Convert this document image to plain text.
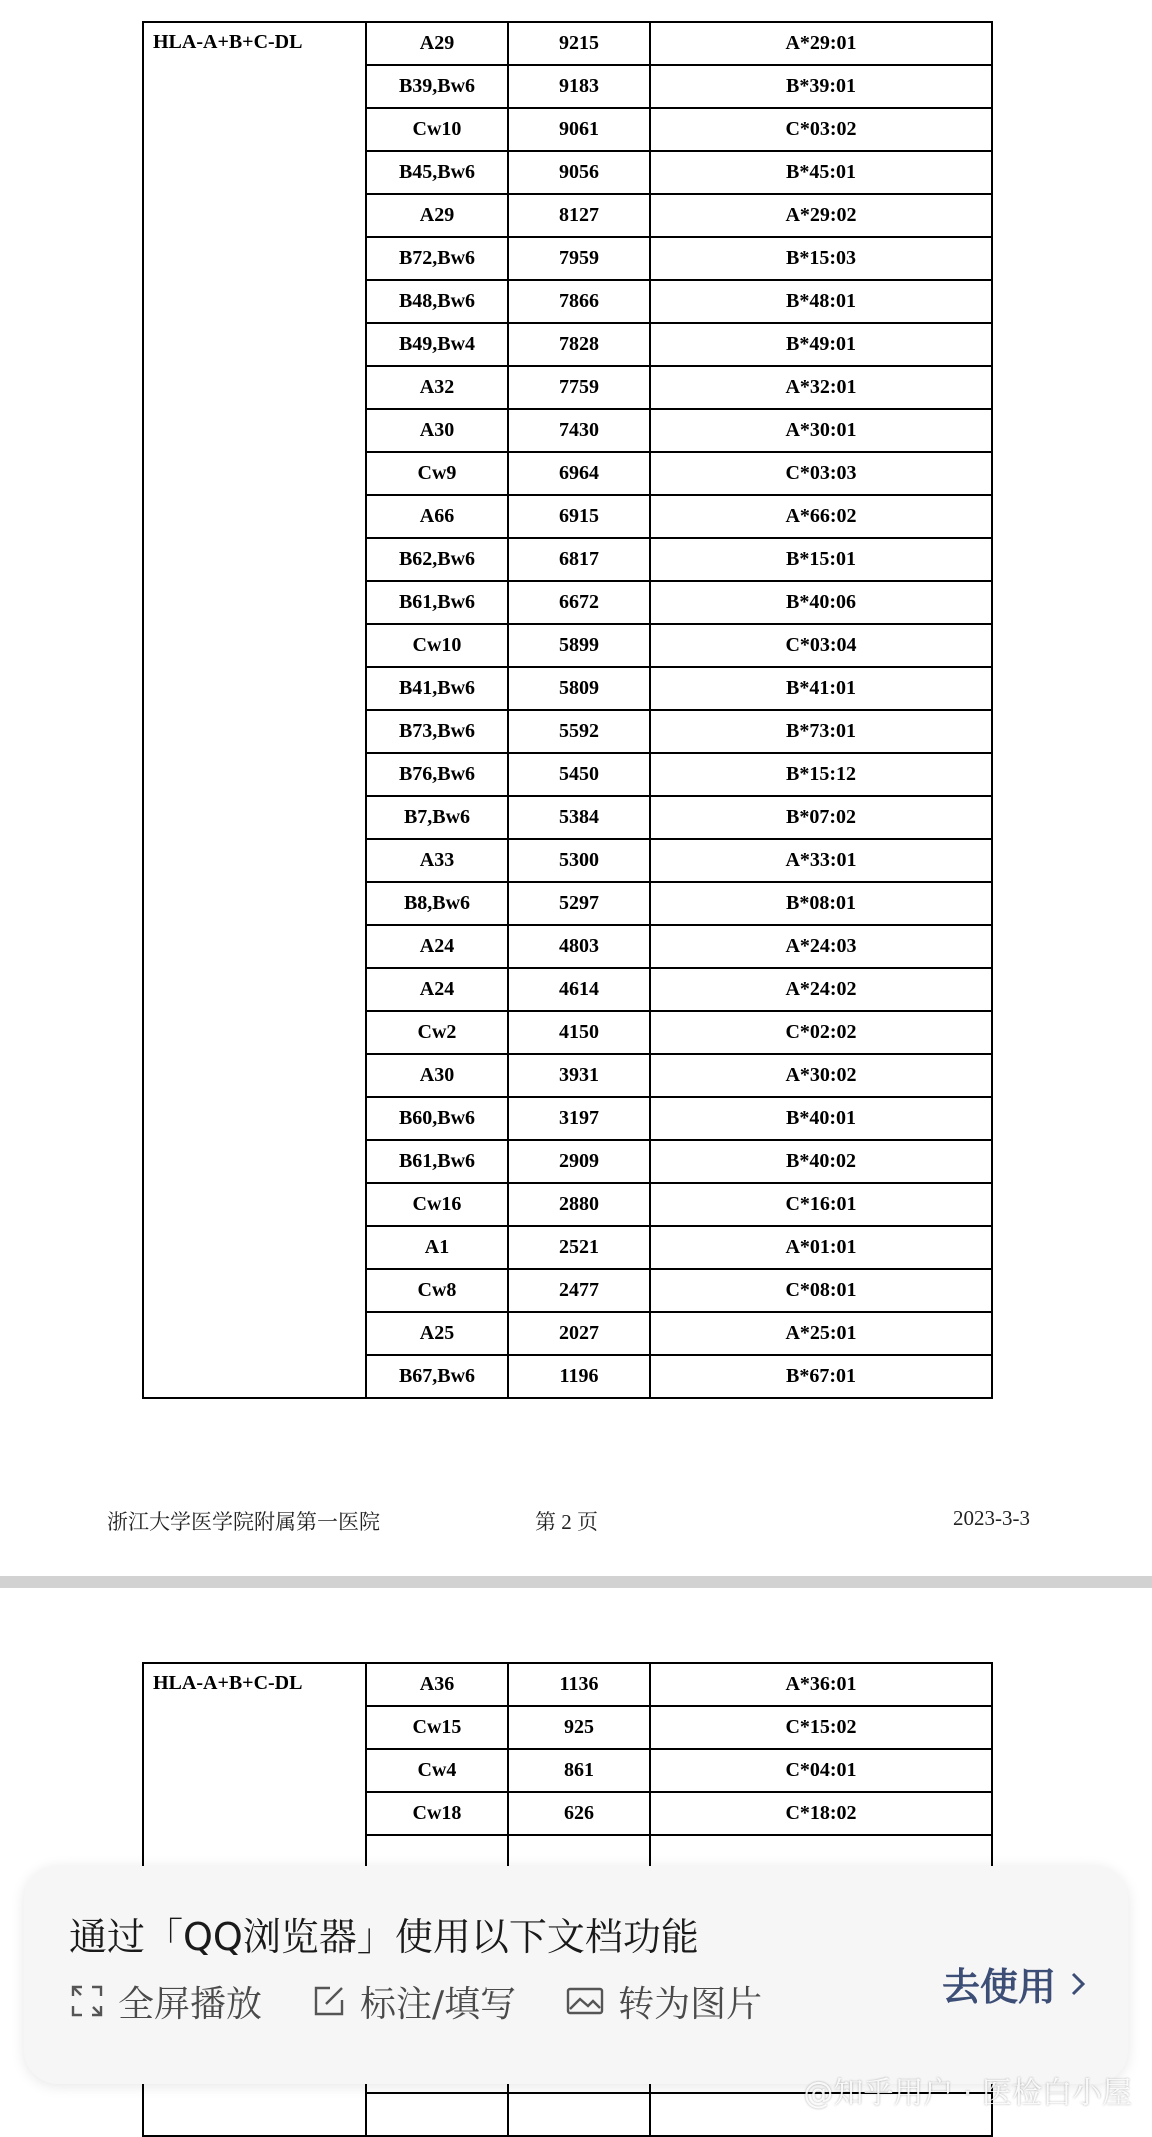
HLA-A+B+C-DL	A29	9215	A*29:01
	B39,Bw6	9183	B*39:01
	Cw10	9061	C*03:02
	B45,Bw6	9056	B*45:01
	A29	8127	A*29:02
	B72,Bw6	7959	B*15:03
	B48,Bw6	7866	B*48:01
	B49,Bw4	7828	B*49:01
	A32	7759	A*32:01
	A30	7430	A*30:01
	Cw9	6964	C*03:03
	A66	6915	A*66:02
	B62,Bw6	6817	B*15:01
	B61,Bw6	6672	B*40:06
	Cw10	5899	C*03:04
	B41,Bw6	5809	B*41:01
	B73,Bw6	5592	B*73:01
	B76,Bw6	5450	B*15:12
	B7,Bw6	5384	B*07:02
	A33	5300	A*33:01
	B8,Bw6	5297	B*08:01
	A24	4803	A*24:03
	A24	4614	A*24:02
	Cw2	4150	C*02:02
	A30	3931	A*30:02
	B60,Bw6	3197	B*40:01
	B61,Bw6	2909	B*40:02
	Cw16	2880	C*16:01
	A1	2521	A*01:01
	Cw8	2477	C*08:01
	A25	2027	A*25:01
	B67,Bw6	1196	B*67:01
浙江大学医学院附属第一医院	第 2 页	2023-3-3
HLA-A+B+C-DL	A36	1136	A*36:01
	Cw15	925	C*15:02
	Cw4	861	C*04:01
	Cw18	626	C*18:02

通过「QQ浏览器」使用以下文档功能
全屏播放	标注/填写	转为图片	去使用
@知乎用户 · 医检白小屋
